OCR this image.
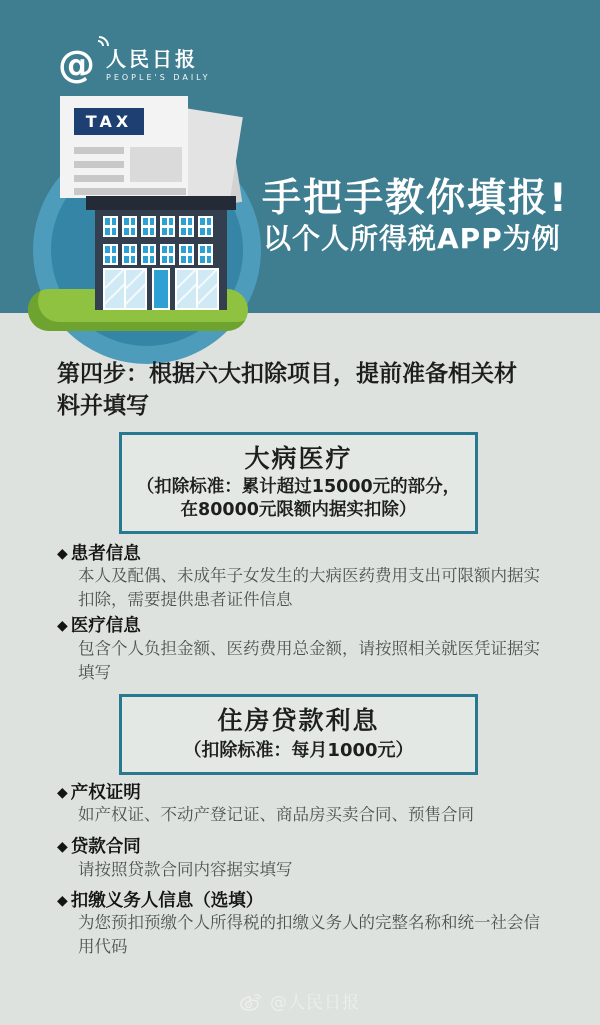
@ 人民日报
PEOPLE'S DAILY
TAX
手把手教你填报!
以个人所得税APP为例
第四步：根据六大扣除项目，提前准备相关材料并填写
大病医疗
（扣除标准：累计超过15000元的部分，
在80000元限额内据实扣除）
◆ 患者信息
本人及配偶、未成年子女发生的大病医药费用支出可限额内据实扣除，需要提供患者证件信息
◆ 医疗信息
包含个人负担金额、医药费用总金额，请按照相关就医凭证据实填写
住房贷款利息
（扣除标准：每月1000元）
◆ 产权证明
如产权证、不动产登记证、商品房买卖合同、预售合同
◆ 贷款合同
请按照贷款合同内容据实填写
◆ 扣缴义务人信息（选填）
为您预扣预缴个人所得税的扣缴义务人的完整名称和统一社会信用代码
@人民日报
